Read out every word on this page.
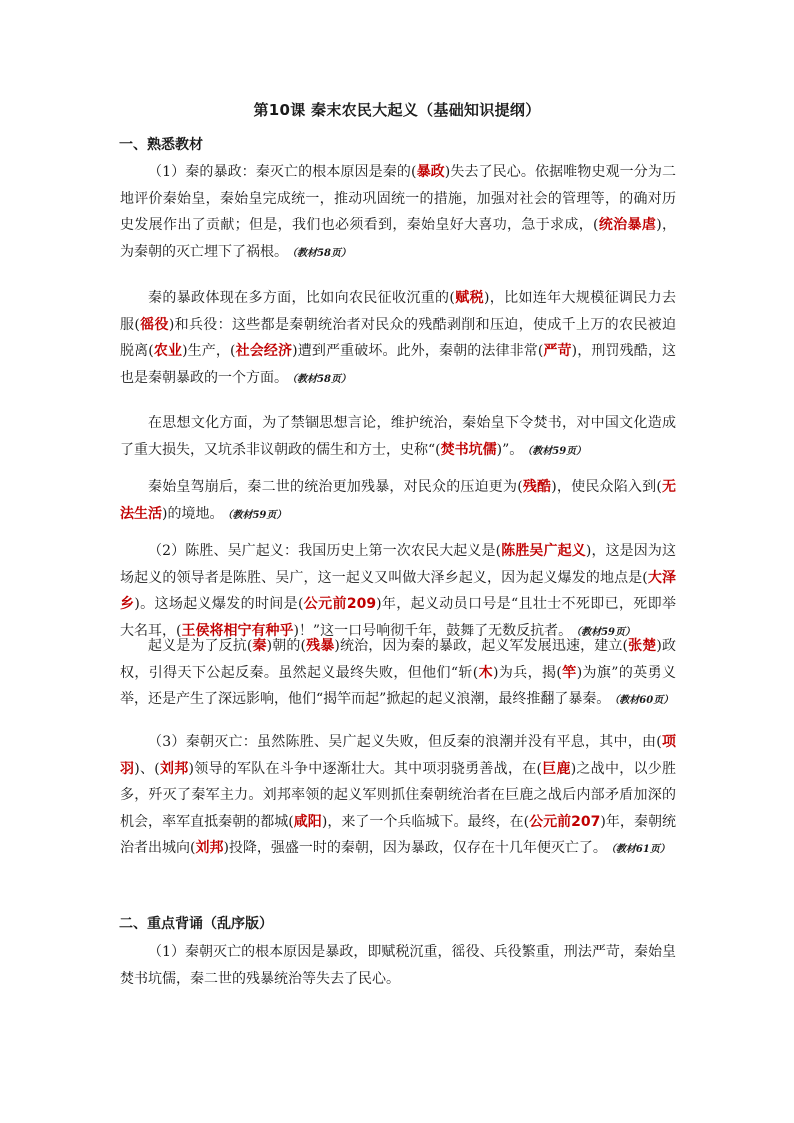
第10课 秦末农民大起义（基础知识提纲）
一、熟悉教材
（1）秦的暴政：秦灭亡的根本原因是秦的(暴政)失去了民心。依据唯物史观一分为二地评价秦始皇，秦始皇完成统一，推动巩固统一的措施，加强对社会的管理等，的确对历史发展作出了贡献；但是，我们也必须看到，秦始皇好大喜功，急于求成，(统治暴虐)，为秦朝的灭亡埋下了祸根。 （教材58页）
秦的暴政体现在多方面，比如向农民征收沉重的(赋税)，比如连年大规模征调民力去服(徭役)和兵役：这些都是秦朝统治者对民众的残酷剥削和压迫，使成千上万的农民被迫脱离(农业)生产，(社会经济)遭到严重破坏。此外，秦朝的法律非常(严苛)，刑罚残酷，这也是秦朝暴政的一个方面。 （教材58页）
在思想文化方面，为了禁锢思想言论，维护统治，秦始皇下令焚书，对中国文化造成了重大损失，又坑杀非议朝政的儒生和方士，史称“(焚书坑儒)”。 （教材59页）
秦始皇驾崩后，秦二世的统治更加残暴，对民众的压迫更为(残酷)，使民众陷入到(无法生活)的境地。 （教材59页）
（2）陈胜、吴广起义：我国历史上第一次农民大起义是(陈胜吴广起义)，这是因为这场起义的领导者是陈胜、吴广，这一起义又叫做大泽乡起义，因为起义爆发的地点是(大泽乡)。这场起义爆发的时间是(公元前209)年，起义动员口号是“且壮士不死即已，死即举大名耳，(王侯将相宁有种乎)！”这一口号响彻千年，鼓舞了无数反抗者。 （教材59页）
起义是为了反抗(秦)朝的(残暴)统治，因为秦的暴政，起义军发展迅速，建立(张楚)政权，引得天下公起反秦。虽然起义最终失败，但他们“斩(木)为兵，揭(竿)为旗”的英勇义举，还是产生了深远影响，他们“揭竿而起”掀起的起义浪潮，最终推翻了暴秦。 （教材60页）
（3）秦朝灭亡：虽然陈胜、吴广起义失败，但反秦的浪潮并没有平息，其中，由(项羽)、(刘邦)领导的军队在斗争中逐渐壮大。其中项羽骁勇善战，在(巨鹿)之战中，以少胜多，歼灭了秦军主力。刘邦率领的起义军则抓住秦朝统治者在巨鹿之战后内部矛盾加深的机会，率军直抵秦朝的都城(咸阳)，来了一个兵临城下。最终，在(公元前207)年，秦朝统治者出城向(刘邦)投降，强盛一时的秦朝，因为暴政，仅存在十几年便灭亡了。 （教材61页）
二、重点背诵（乱序版）
（1）秦朝灭亡的根本原因是暴政，即赋税沉重，徭役、兵役繁重，刑法严苛，秦始皇焚书坑儒，秦二世的残暴统治等失去了民心。
